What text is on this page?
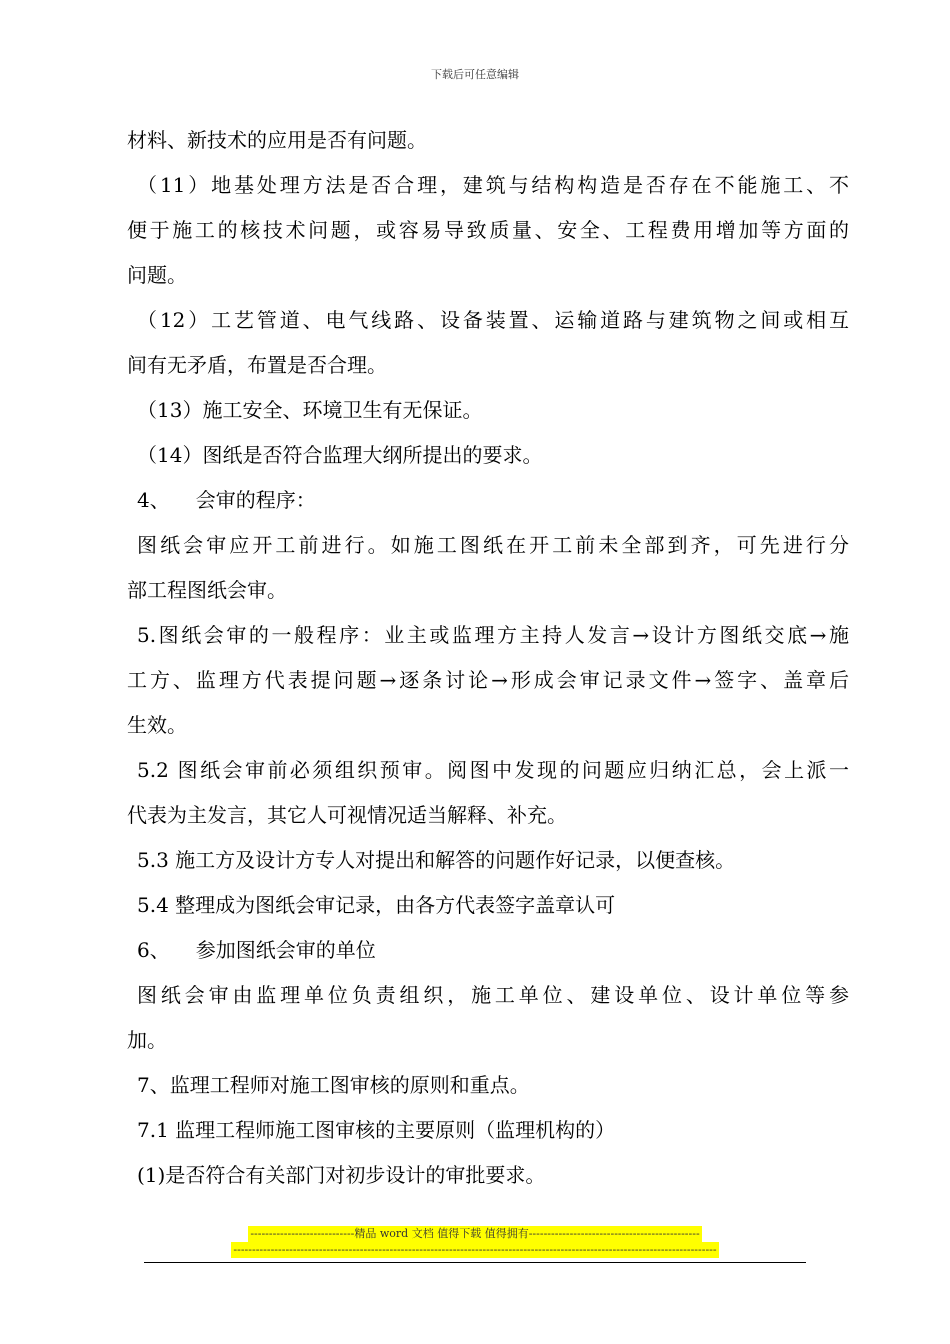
下载后可任意编辑
材料、新技术的应用是否有问题。
（11）地基处理方法是否合理，建筑与结构构造是否存在不能施工、不
便于施工的核技术问题，或容易导致质量、安全、工程费用增加等方面的
问题。
（12）工艺管道、电气线路、设备装置、运输道路与建筑物之间或相互
间有无矛盾，布置是否合理。
（13）施工安全、环境卫生有无保证。
（14）图纸是否符合监理大纲所提出的要求。
4、 会审的程序：
图纸会审应开工前进行。如施工图纸在开工前未全部到齐，可先进行分
部工程图纸会审。
5.图纸会审的一般程序：业主或监理方主持人发言→设计方图纸交底→施
工方、监理方代表提问题→逐条讨论→形成会审记录文件→签字、盖章后
生效。
5.2 图纸会审前必须组织预审。阅图中发现的问题应归纳汇总，会上派一
代表为主发言，其它人可视情况适当解释、补充。
5.3 施工方及设计方专人对提出和解答的问题作好记录，以便查核。
5.4 整理成为图纸会审记录，由各方代表签字盖章认可
6、 参加图纸会审的单位
图纸会审由监理单位负责组织，施工单位、建设单位、设计单位等参
加。
7、监理工程师对施工图审核的原则和重点。
7.1 监理工程师施工图审核的主要原则（监理机构的）
(1)是否符合有关部门对初步设计的审批要求。
----------------------------精品 word 文档 值得下载 值得拥有----------------------------------------------
----------------------------------------------------------------------------------------------------------------------------------
